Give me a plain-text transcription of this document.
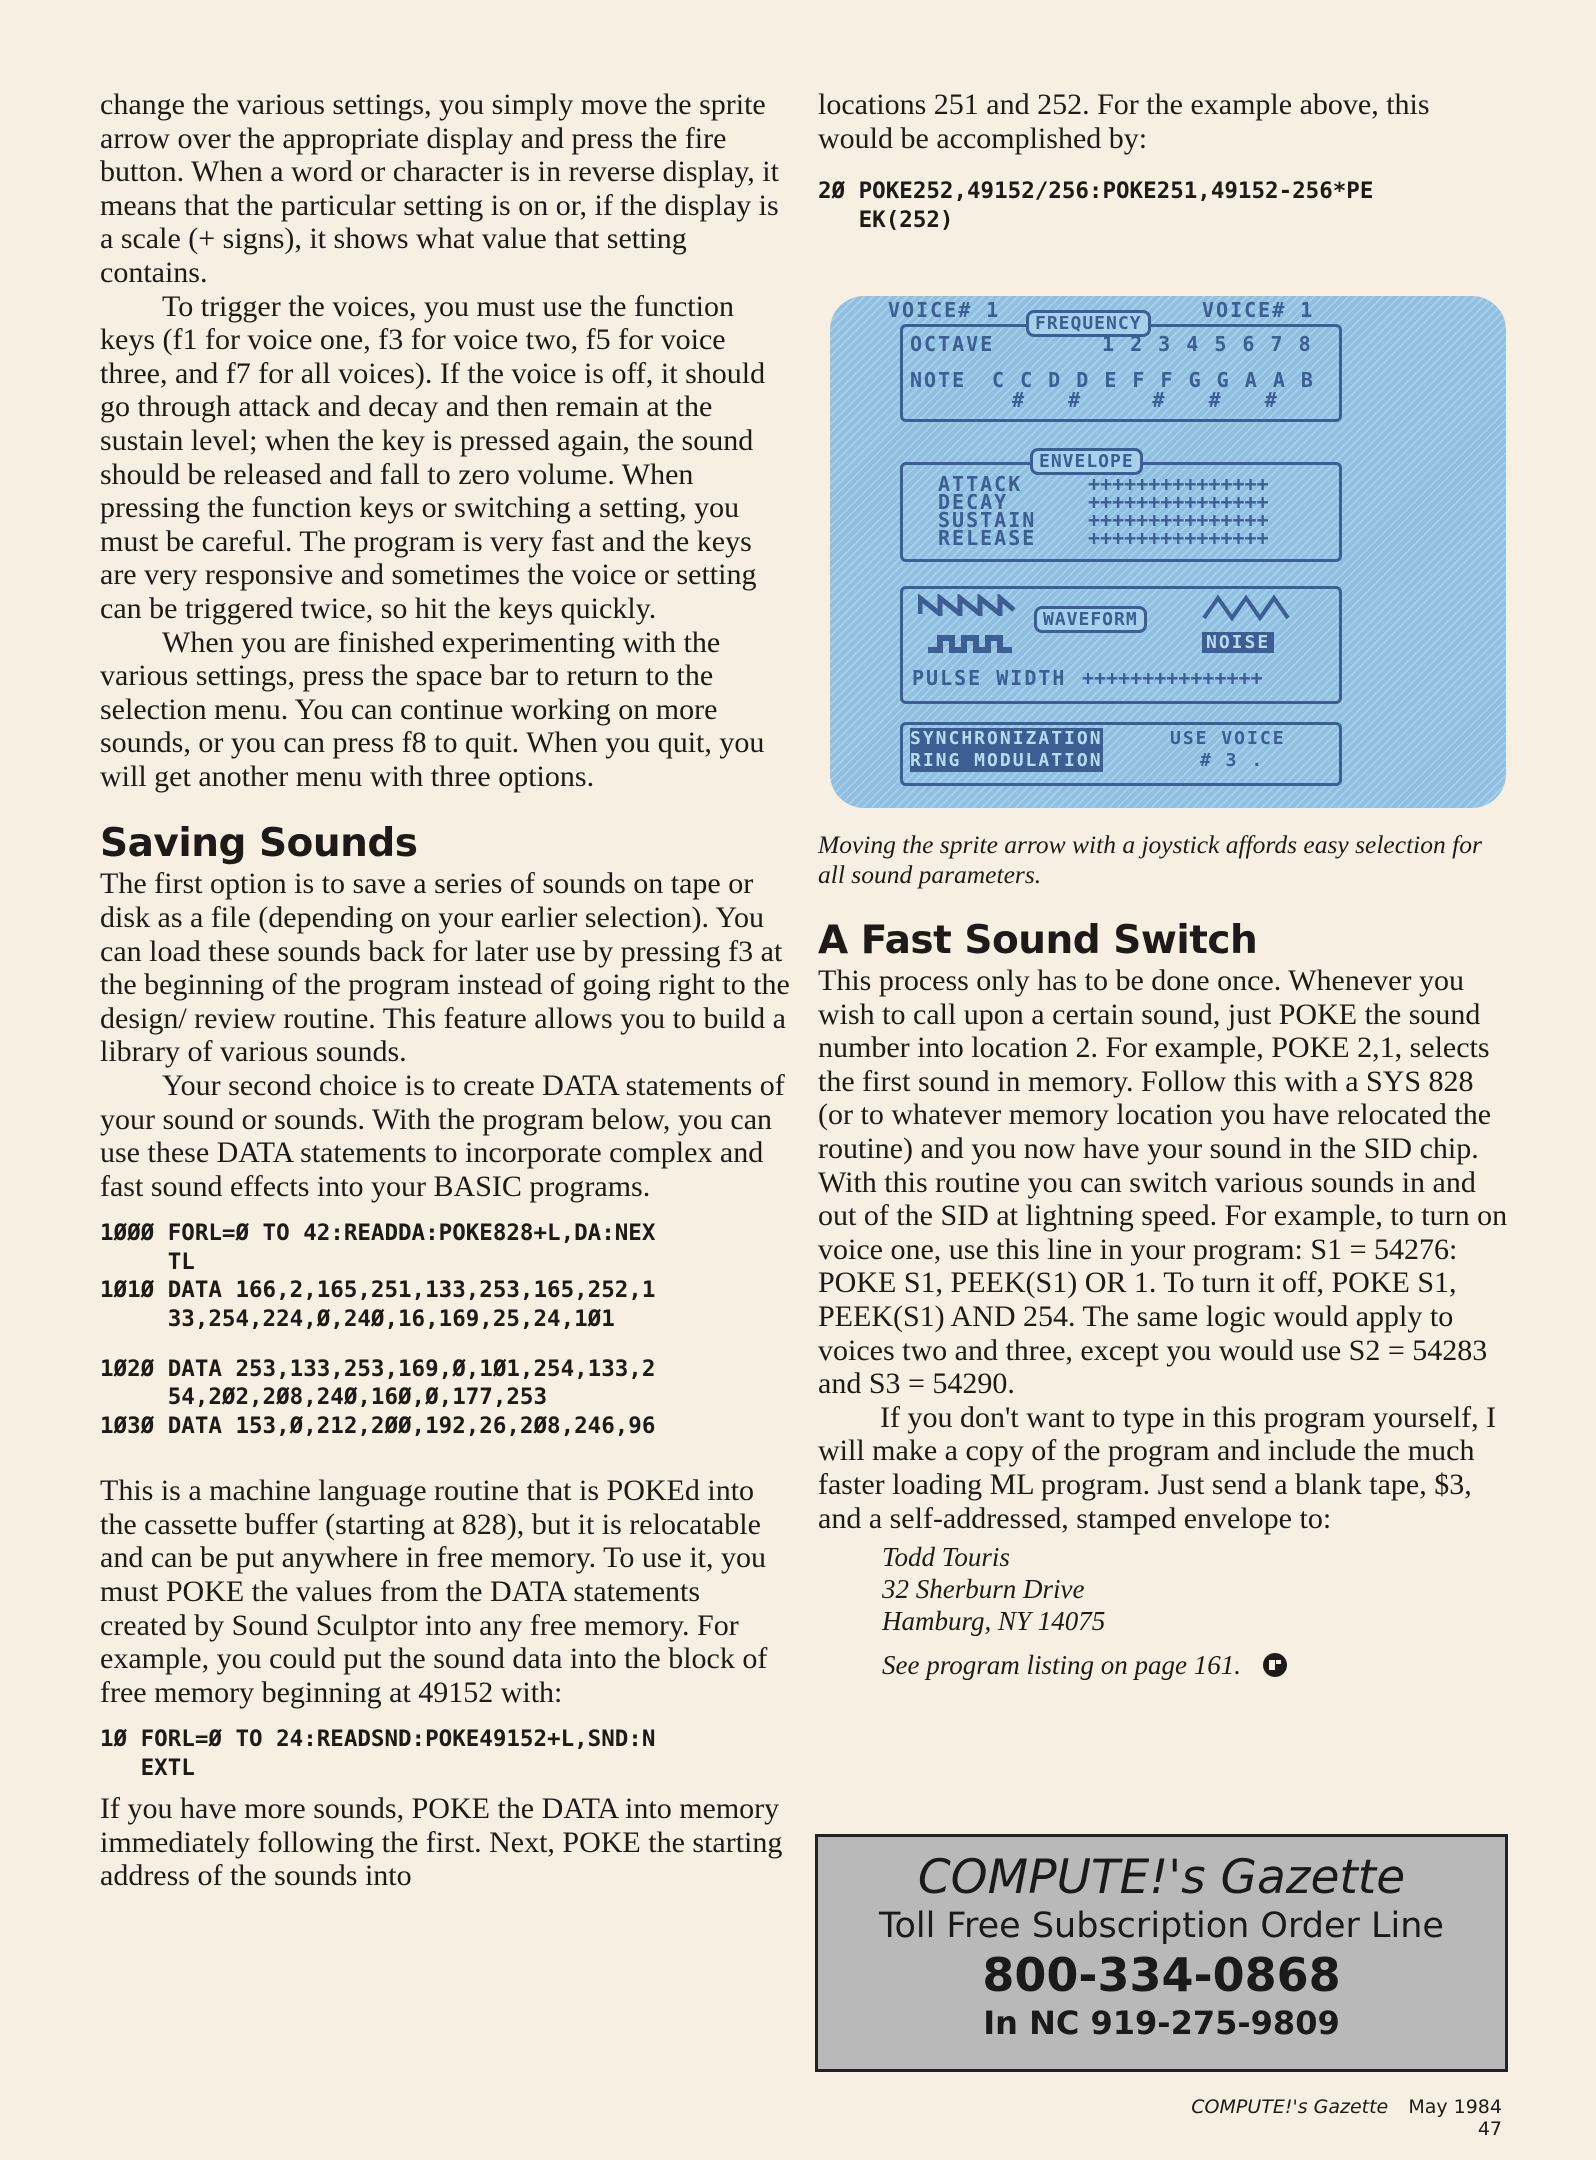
change the various settings, you simply move the sprite arrow over the appropriate display and press the fire button. When a word or character is in reverse display, it means that the particular setting is on or, if the display is a scale (+ signs), it shows what value that setting contains.

To trigger the voices, you must use the function keys (f1 for voice one, f3 for voice two, f5 for voice three, and f7 for all voices). If the voice is off, it should go through attack and decay and then remain at the sustain level; when the key is pressed again, the sound should be released and fall to zero volume. When pressing the function keys or switching a setting, you must be careful. The program is very fast and the keys are very responsive and sometimes the voice or setting can be triggered twice, so hit the keys quickly.

When you are finished experimenting with the various settings, press the space bar to return to the selection menu. You can continue working on more sounds, or you can press f8 to quit. When you quit, you will get another menu with three options.

Saving Sounds

The first option is to save a series of sounds on tape or disk as a file (depending on your earlier selection). You can load these sounds back for later use by pressing f3 at the beginning of the program instead of going right to the design/ review routine. This feature allows you to build a library of various sounds.

Your second choice is to create DATA statements of your sound or sounds. With the program below, you can use these DATA statements to incorporate complex and fast sound effects into your BASIC programs.

1ØØØ FORL=Ø TO 42:READDA:POKE828+L,DA:NEX
TL
1Ø1Ø DATA 166,2,165,251,133,253,165,252,1
33,254,224,Ø,24Ø,16,169,25,24,1Ø1
1Ø2Ø DATA 253,133,253,169,Ø,1Ø1,254,133,2
54,2Ø2,2Ø8,24Ø,16Ø,Ø,177,253
1Ø3Ø DATA 153,Ø,212,2ØØ,192,26,2Ø8,246,96

This is a machine language routine that is POKEd into the cassette buffer (starting at 828), but it is relocatable and can be put anywhere in free memory. To use it, you must POKE the values from the DATA statements created by Sound Sculptor into any free memory. For example, you could put the sound data into the block of free memory beginning at 49152 with:

1Ø FORL=Ø TO 24:READSND:POKE49152+L,SND:N
EXTL

If you have more sounds, POKE the DATA into memory immediately following the first. Next, POKE the starting address of the sounds into

locations 251 and 252. For the example above, this would be accomplished by:

2Ø POKE252,49152/256:POKE251,49152-256*PE
EK(252)
VOICE# 1	VOICE# 1
FREQUENCY
OCTAVE	1 2 3 4 5 6 7 8
NOTE C C D D E F F G G A A B
#   #     #   #   #
ENVELOPE
ATTACK
DECAY
SUSTAIN
RELEASE
+++++++++++++++
+++++++++++++++
+++++++++++++++
+++++++++++++++
WAVEFORM
NOISE
PULSE WIDTH +++++++++++++++
SYNCHRONIZATION
RING MODULATION
USE VOICE
# 3 .

Moving the sprite arrow with a joystick affords easy selection for all sound parameters.

A Fast Sound Switch

This process only has to be done once. Whenever you wish to call upon a certain sound, just POKE the sound number into location 2. For example, POKE 2,1, selects the first sound in memory. Follow this with a SYS 828 (or to whatever memory location you have relocated the routine) and you now have your sound in the SID chip. With this routine you can switch various sounds in and out of the SID at lightning speed. For example, to turn on voice one, use this line in your program: S1 = 54276: POKE S1, PEEK(S1) OR 1. To turn it off, POKE S1, PEEK(S1) AND 254. The same logic would apply to voices two and three, except you would use S2 = 54283 and S3 = 54290.

If you don't want to type in this program yourself, I will make a copy of the program and include the much faster loading ML program. Just send a blank tape, $3, and a self-addressed, stamped envelope to:

Todd Touris

32 Sherburn Drive

Hamburg, NY 14075

See program listing on page 161.

COMPUTE!'s Gazette
Toll Free Subscription Order Line
800-334-0868
In NC 919-275-9809
COMPUTE!'s Gazette May 1984 47
